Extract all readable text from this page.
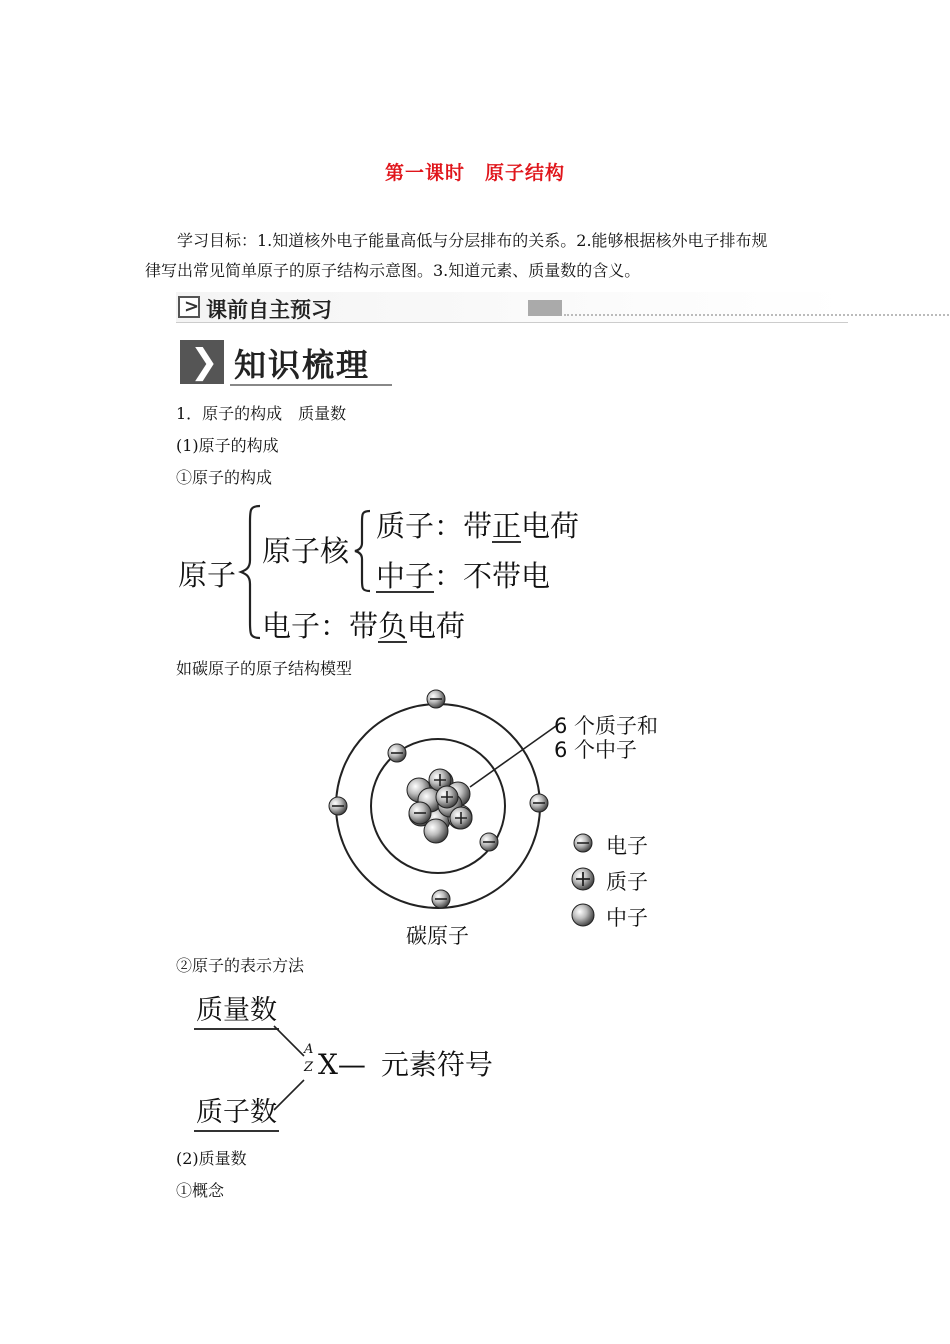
第一课时　原子结构
学习目标：1.知道核外电子能量高低与分层排布的关系。2.能够根据核外电子排布规
律写出常见简单原子的原子结构示意图。3.知道元素、质量数的含义。
> 课前自主预习
❯ 知识梳理
1．原子的构成　质量数
(1)原子的构成
①原子的构成
原子
原子核
质子：带正电荷
中子：不带电
电子：带负电荷
如碳原子的原子结构模型
6 个质子和
6 个中子
电子
质子
中子
碳原子
②原子的表示方法
质量数
质子数
A
Z X— 元素符号
(2)质量数
①概念
